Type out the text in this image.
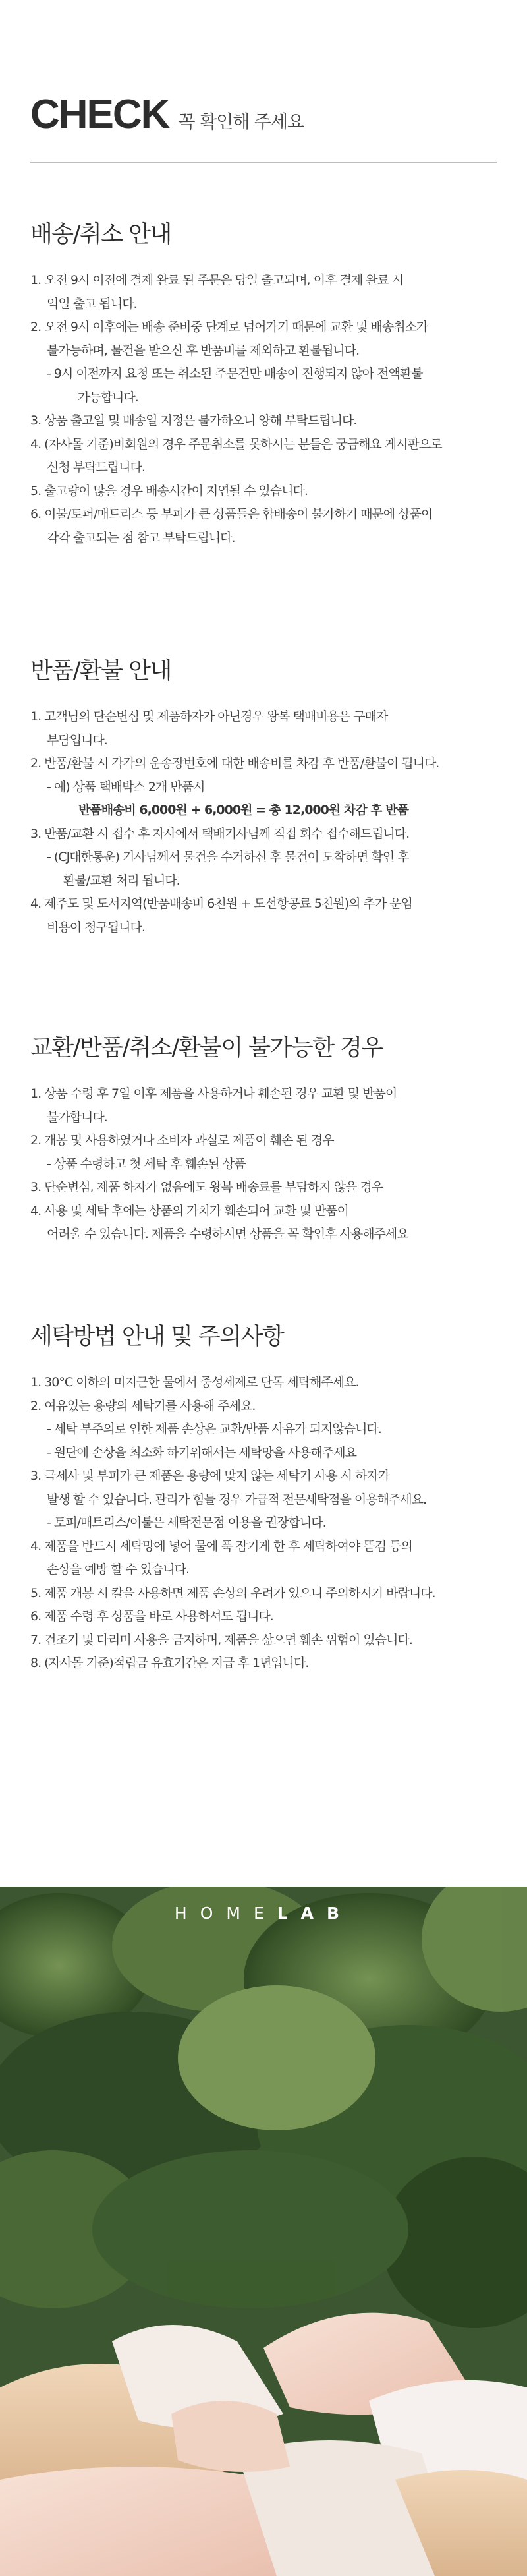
CHECK 꼭 확인해 주세요
배송/취소 안내
1. 오전 9시 이전에 결제 완료 된 주문은 당일 출고되며, 이후 결제 완료 시
익일 출고 됩니다.
2. 오전 9시 이후에는 배송 준비중 단계로 넘어가기 때문에 교환 및 배송취소가
불가능하며, 물건을 받으신 후 반품비를 제외하고 환불됩니다.
- 9시 이전까지 요청 또는 취소된 주문건만 배송이 진행되지 않아 전액환불
가능합니다.
3. 상품 출고일 및 배송일 지정은 불가하오니 양해 부탁드립니다.
4. (자사몰 기준)비회원의 경우 주문취소를 못하시는 분들은 궁금해요 게시판으로
신청 부탁드립니다.
5. 출고량이 많을 경우 배송시간이 지연될 수 있습니다.
6. 이불/토퍼/매트리스 등 부피가 큰 상품들은 합배송이 불가하기 때문에 상품이
각각 출고되는 점 참고 부탁드립니다.
반품/환불 안내
1. 고객님의 단순변심 및 제품하자가 아닌경우 왕복 택배비용은 구매자
부담입니다.
2. 반품/환불 시 각각의 운송장번호에 대한 배송비를 차감 후 반품/환불이 됩니다.
- 예) 상품 택배박스 2개 반품시
반품배송비 6,000원 + 6,000원 = 총 12,000원 차감 후 반품
3. 반품/교환 시 접수 후 자사에서 택배기사님께 직접 회수 접수해드립니다.
- (CJ대한통운) 기사님께서 물건을 수거하신 후 물건이 도착하면 확인 후
환불/교환 처리 됩니다.
4. 제주도 및 도서지역(반품배송비 6천원 + 도선항공료 5천원)의 추가 운임
비용이 청구됩니다.
교환/반품/취소/환불이 불가능한 경우
1. 상품 수령 후 7일 이후 제품을 사용하거나 훼손된 경우 교환 및 반품이
불가합니다.
2. 개봉 및 사용하였거나 소비자 과실로 제품이 훼손 된 경우
- 상품 수령하고 첫 세탁 후 훼손된 상품
3. 단순변심, 제품 하자가 없음에도 왕복 배송료를 부담하지 않을 경우
4. 사용 및 세탁 후에는 상품의 가치가 훼손되어 교환 및 반품이
어려울 수 있습니다. 제품을 수령하시면 상품을 꼭 확인후 사용해주세요
세탁방법 안내 및 주의사항
1. 30°C 이하의 미지근한 물에서 중성세제로 단독 세탁해주세요.
2. 여유있는 용량의 세탁기를 사용해 주세요.
- 세탁 부주의로 인한 제품 손상은 교환/반품 사유가 되지않습니다.
- 원단에 손상을 최소화 하기위해서는 세탁망을 사용해주세요
3. 극세사 및 부피가 큰 제품은 용량에 맞지 않는 세탁기 사용 시 하자가
발생 할 수 있습니다. 관리가 힘들 경우 가급적 전문세탁점을 이용해주세요.
- 토퍼/매트리스/이불은 세탁전문점 이용을 권장합니다.
4. 제품을 반드시 세탁망에 넣어 물에 푹 잠기게 한 후 세탁하여야 뜯김 등의
손상을 예방 할 수 있습니다.
5. 제품 개봉 시 칼을 사용하면 제품 손상의 우려가 있으니 주의하시기 바랍니다.
6. 제품 수령 후 상품을 바로 사용하셔도 됩니다.
7. 건조기 및 다리미 사용을 금지하며, 제품을 삶으면 훼손 위험이 있습니다.
8. (자사몰 기준)적립금 유효기간은 지급 후 1년입니다.
HOMELAB
